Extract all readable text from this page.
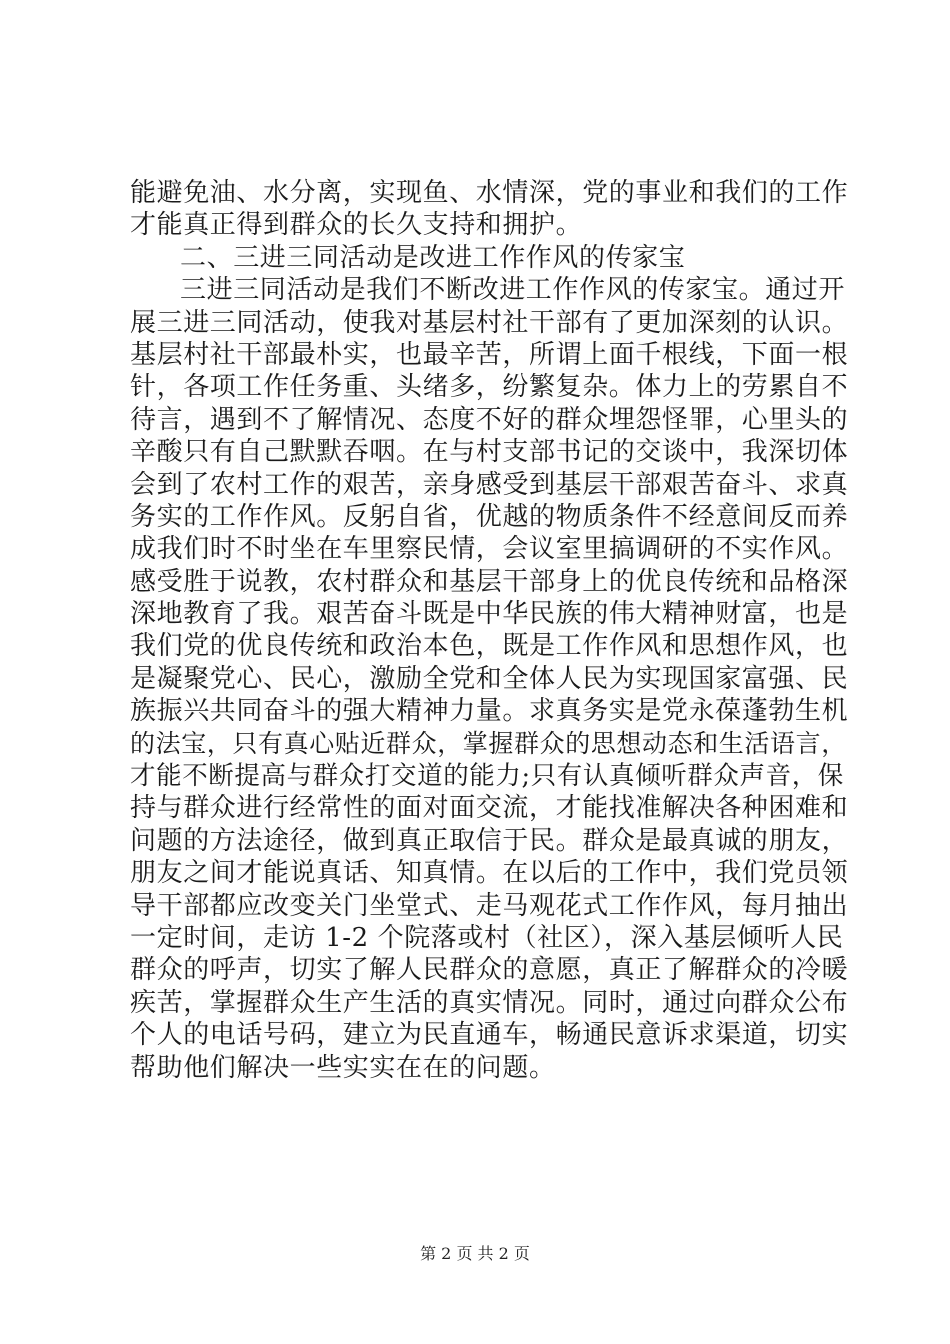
能避免油、水分离，实现鱼、水情深，党的事业和我们的工作
才能真正得到群众的长久支持和拥护。
二、三进三同活动是改进工作作风的传家宝
三进三同活动是我们不断改进工作作风的传家宝。通过开
展三进三同活动，使我对基层村社干部有了更加深刻的认识。
基层村社干部最朴实，也最辛苦，所谓上面千根线，下面一根
针，各项工作任务重、头绪多，纷繁复杂。体力上的劳累自不
待言，遇到不了解情况、态度不好的群众埋怨怪罪，心里头的
辛酸只有自己默默吞咽。在与村支部书记的交谈中，我深切体
会到了农村工作的艰苦，亲身感受到基层干部艰苦奋斗、求真
务实的工作作风。反躬自省，优越的物质条件不经意间反而养
成我们时不时坐在车里察民情，会议室里搞调研的不实作风。
感受胜于说教，农村群众和基层干部身上的优良传统和品格深
深地教育了我。艰苦奋斗既是中华民族的伟大精神财富，也是
我们党的优良传统和政治本色，既是工作作风和思想作风，也
是凝聚党心、民心，激励全党和全体人民为实现国家富强、民
族振兴共同奋斗的强大精神力量。求真务实是党永葆蓬勃生机
的法宝，只有真心贴近群众，掌握群众的思想动态和生活语言，
才能不断提高与群众打交道的能力;只有认真倾听群众声音，保
持与群众进行经常性的面对面交流，才能找准解决各种困难和
问题的方法途径，做到真正取信于民。群众是最真诚的朋友，
朋友之间才能说真话、知真情。在以后的工作中，我们党员领
导干部都应改变关门坐堂式、走马观花式工作作风，每月抽出
一定时间，走访 1-2 个院落或村（社区），深入基层倾听人民
群众的呼声，切实了解人民群众的意愿，真正了解群众的冷暖
疾苦，掌握群众生产生活的真实情况。同时，通过向群众公布
个人的电话号码，建立为民直通车，畅通民意诉求渠道，切实
帮助他们解决一些实实在在的问题。
第 2 页 共 2 页
